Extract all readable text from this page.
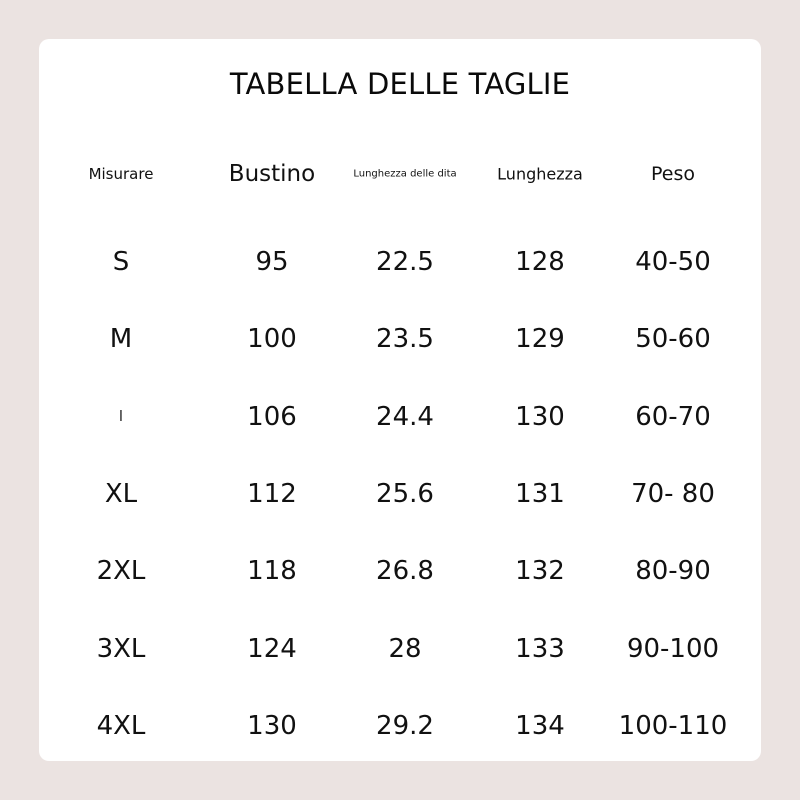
TABELLA DELLE TAGLIE
Misurare	Bustino	Lunghezza delle dita	Lunghezza	Peso
S	95	22.5	128	40-50
M	100	23.5	129	50-60
l	106	24.4	130	60-70
XL	112	25.6	131	70- 80
2XL	118	26.8	132	80-90
3XL	124	28	133	90-100
4XL	130	29.2	134	100-110
